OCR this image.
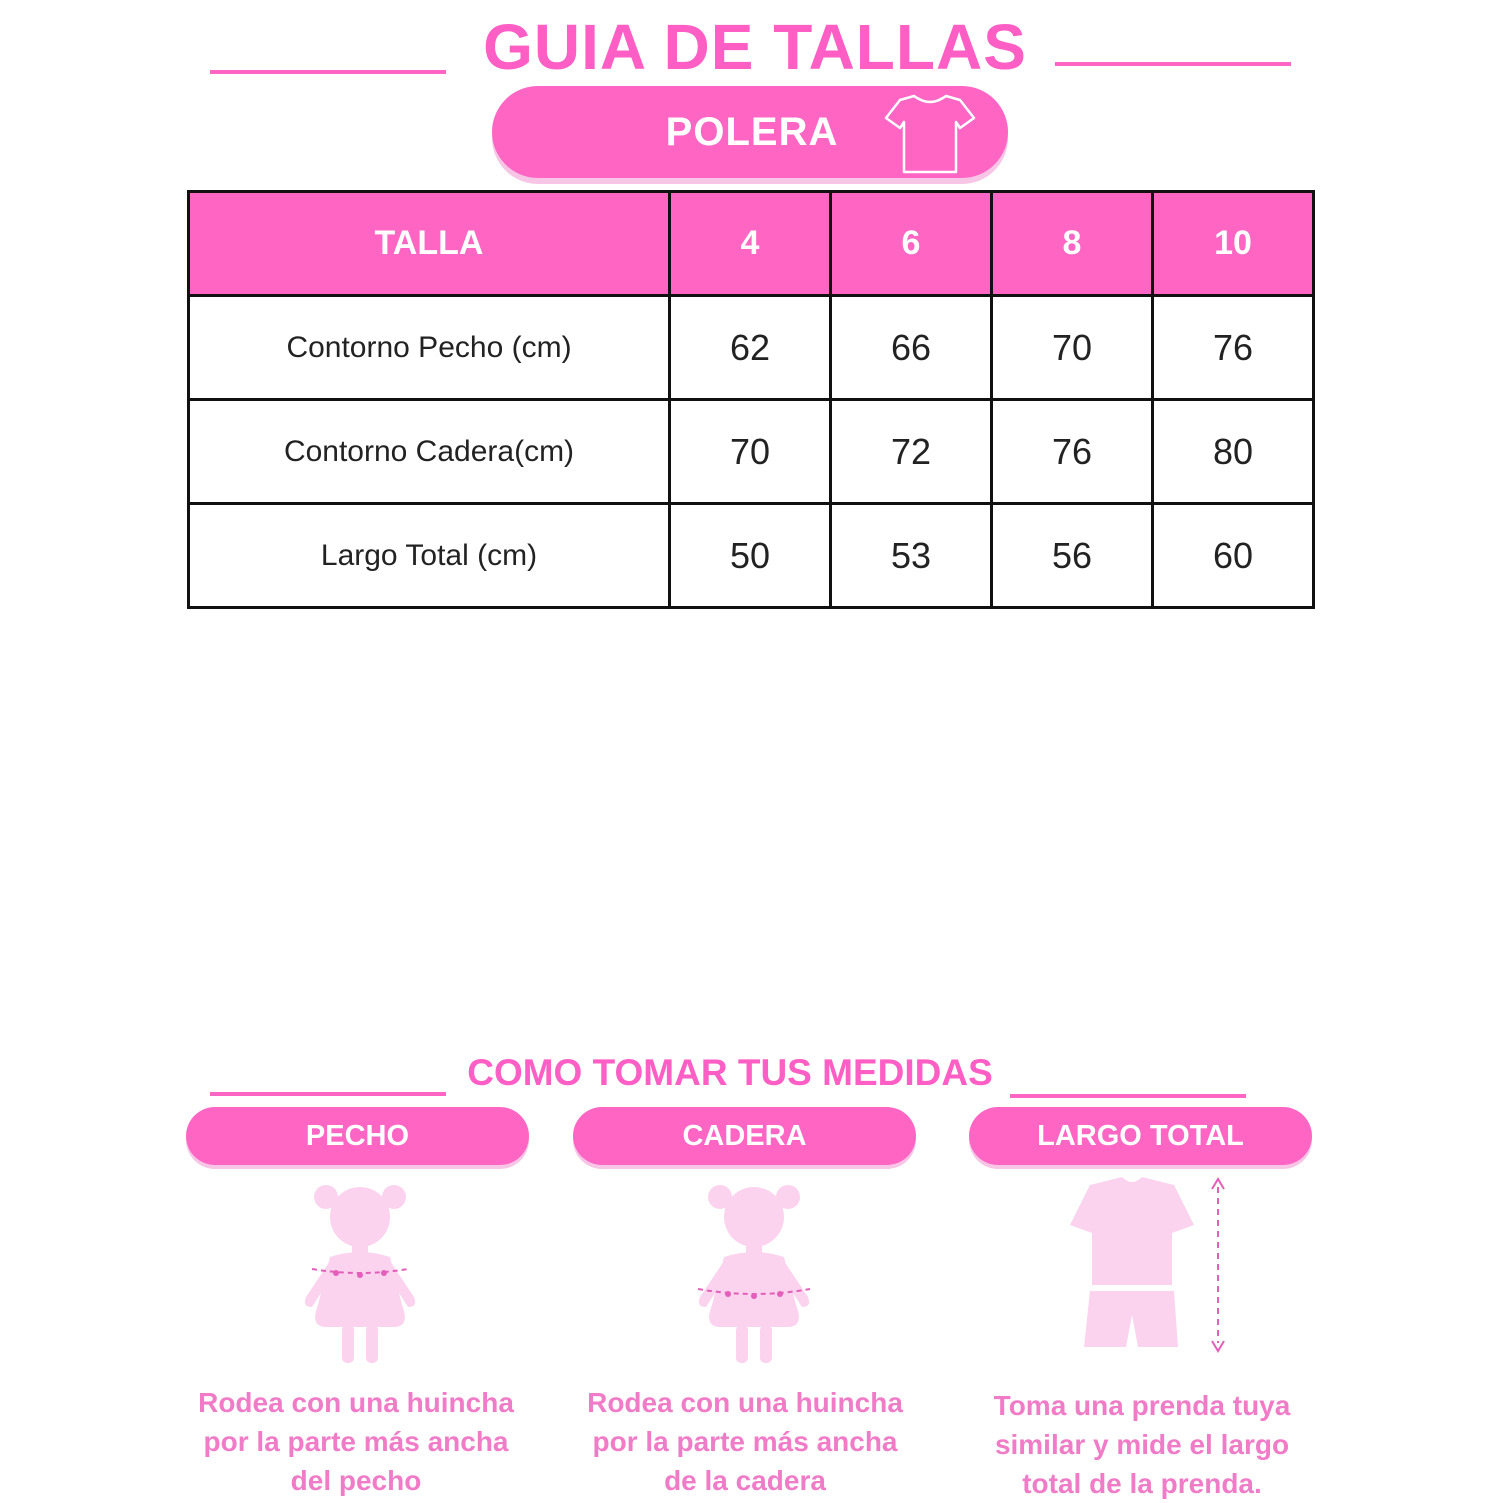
GUIA DE TALLAS
POLERA
TALLA	4	6	8	10
Contorno Pecho (cm)	62	66	70	76
Contorno Cadera(cm)	70	72	76	80
Largo Total (cm)	50	53	56	60
COMO TOMAR TUS MEDIDAS
PECHO	CADERA	LARGO TOTAL
Rodea con una huincha
por la parte más ancha
del pecho
Rodea con una huincha
por la parte más ancha
de la cadera
Toma una prenda tuya
similar y mide el largo
total de la prenda.
